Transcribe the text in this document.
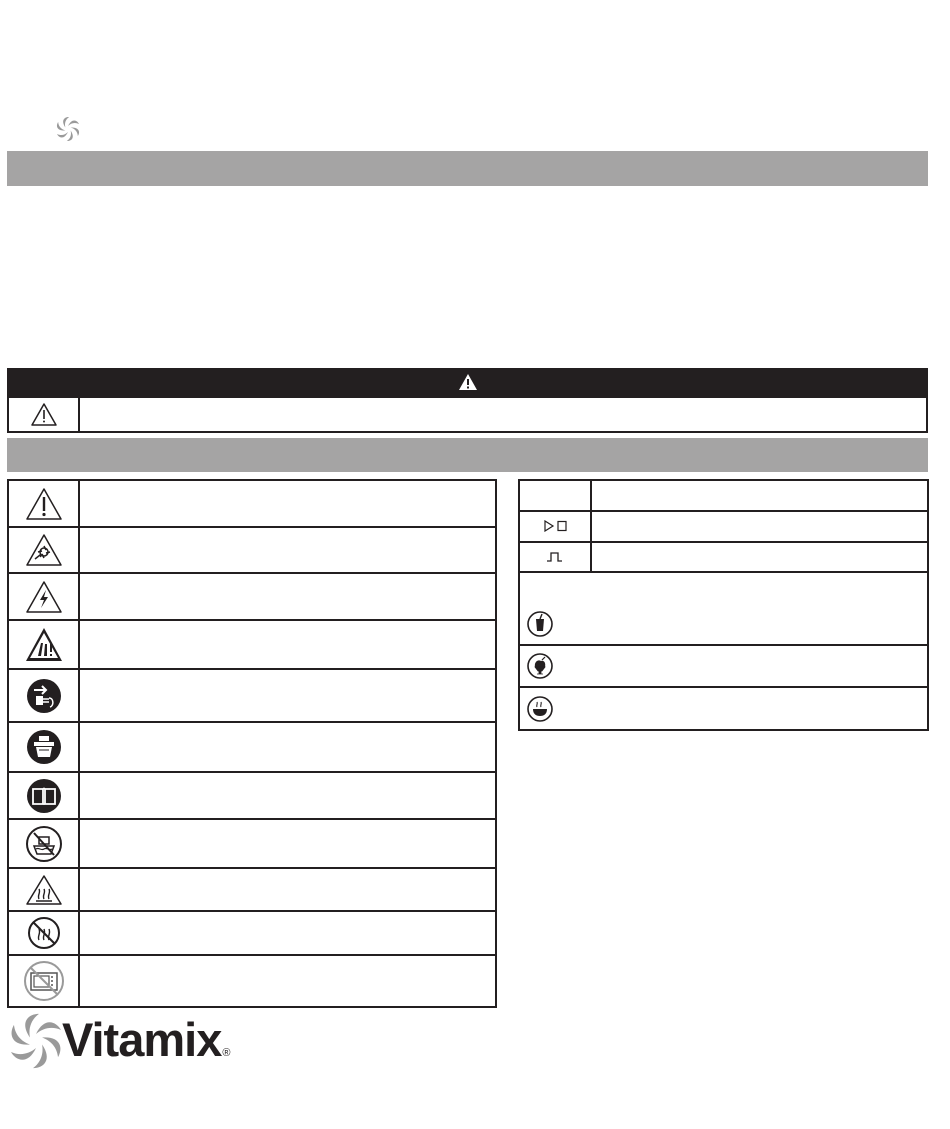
Vitamix®
